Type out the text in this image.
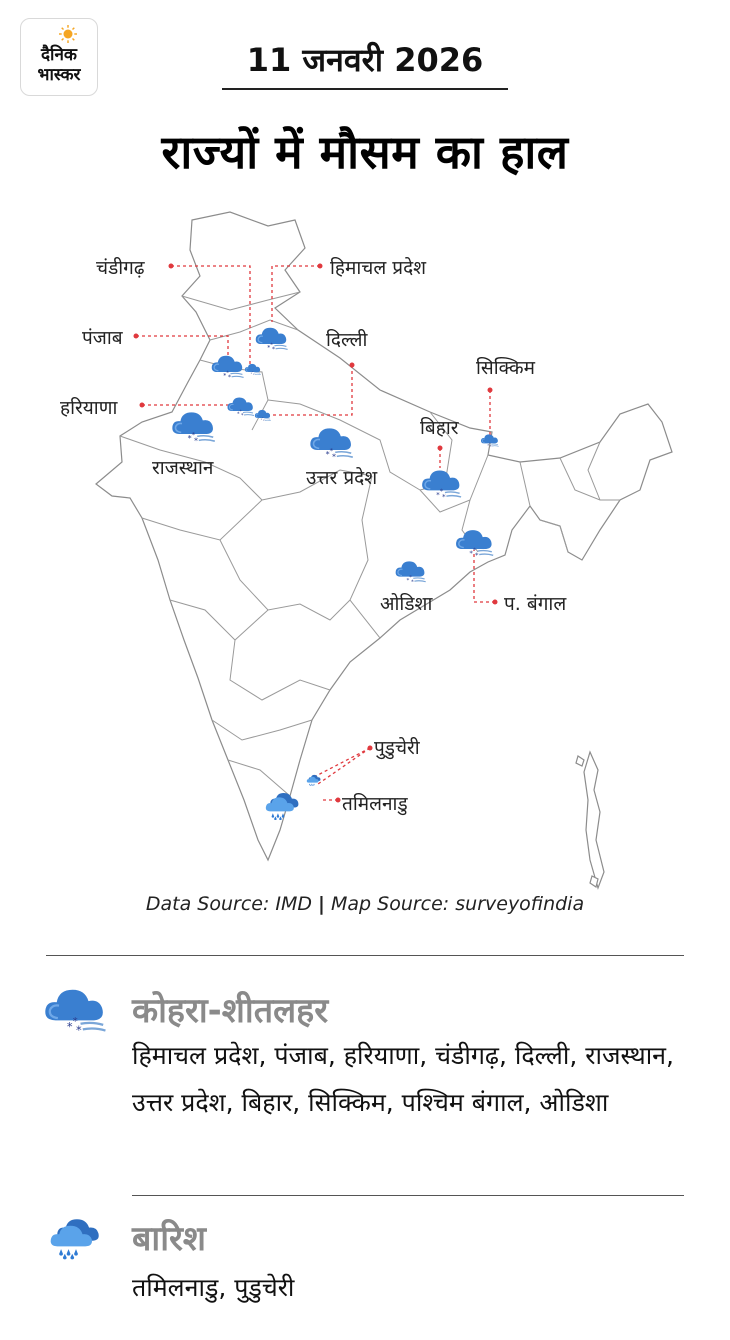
दैनिक
भास्कर	11 जनवरी 2026
राज्यों में मौसम का हाल
चंडीगढ़	हिमाचल प्रदेश
पंजाब	दिल्ली
हरियाणा
सिक्किम
राजस्थान
बिहार
उत्तर प्रदेश
ओडिशा	प. बंगाल
पुडुचेरी
तमिलनाडु
Data Source: IMD | Map Source: surveyofindia
* *
* कोहरा-शीतलहर
हिमाचल प्रदेश, पंजाब, हरियाणा, चंडीगढ़, दिल्ली, राजस्थान, उत्तर प्रदेश, बिहार, सिक्किम, पश्चिम बंगाल, ओडिशा
बारिश
तमिलनाडु, पुडुचेरी
